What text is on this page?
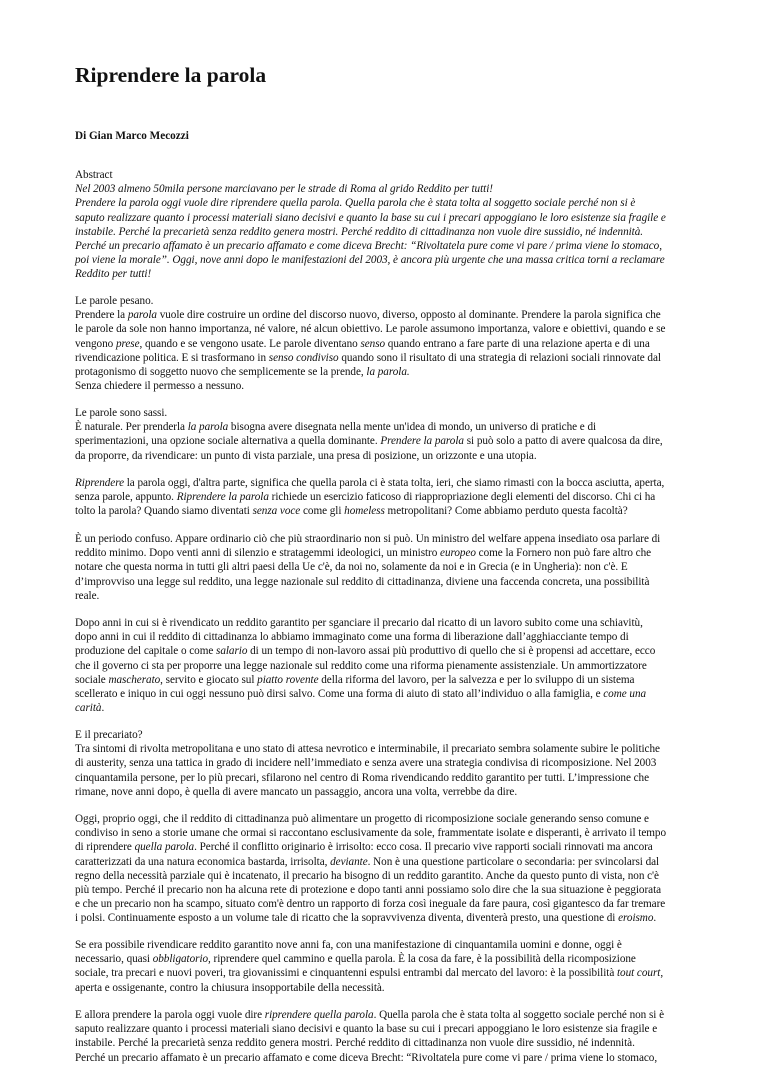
Riprendere la parola
Di Gian Marco Mecozzi
Abstract
Nel 2003 almeno 50mila persone marciavano per le strade di Roma al grido Reddito per tutti!
Prendere la parola oggi vuole dire riprendere quella parola. Quella parola che è stata tolta al soggetto sociale perché non si è
saputo realizzare quanto i processi materiali siano decisivi e quanto la base su cui i precari appoggiano le loro esistenze sia fragile e
instabile. Perché la precarietà senza reddito genera mostri. Perché reddito di cittadinanza non vuole dire sussidio, né indennità.
Perché un precario affamato è un precario affamato e come diceva Brecht: “Rivoltatela pure come vi pare / prima viene lo stomaco,
poi viene la morale”. Oggi, nove anni dopo le manifestazioni del 2003, è ancora più urgente che una massa critica torni a reclamare
Reddito per tutti!
Le parole pesano.
Prendere la parola vuole dire costruire un ordine del discorso nuovo, diverso, opposto al dominante. Prendere la parola significa che
le parole da sole non hanno importanza, né valore, né alcun obiettivo. Le parole assumono importanza, valore e obiettivi, quando e se
vengono prese, quando e se vengono usate. Le parole diventano senso quando entrano a fare parte di una relazione aperta e di una
rivendicazione politica. E si trasformano in senso condiviso quando sono il risultato di una strategia di relazioni sociali rinnovate dal
protagonismo di soggetto nuovo che semplicemente se la prende, la parola.
Senza chiedere il permesso a nessuno.
Le parole sono sassi.
È naturale. Per prenderla la parola bisogna avere disegnata nella mente un'idea di mondo, un universo di pratiche e di
sperimentazioni, una opzione sociale alternativa a quella dominante. Prendere la parola si può solo a patto di avere qualcosa da dire,
da proporre, da rivendicare: un punto di vista parziale, una presa di posizione, un orizzonte e una utopia.
Riprendere la parola oggi, d'altra parte, significa che quella parola ci è stata tolta, ieri, che siamo rimasti con la bocca asciutta, aperta,
senza parole, appunto. Riprendere la parola richiede un esercizio faticoso di riappropriazione degli elementi del discorso. Chi ci ha
tolto la parola? Quando siamo diventati senza voce come gli homeless metropolitani? Come abbiamo perduto questa facoltà?
È un periodo confuso. Appare ordinario ciò che più straordinario non si può. Un ministro del welfare appena insediato osa parlare di
reddito minimo. Dopo venti anni di silenzio e stratagemmi ideologici, un ministro europeo come la Fornero non può fare altro che
notare che questa norma in tutti gli altri paesi della Ue c'è, da noi no, solamente da noi e in Grecia (e in Ungheria): non c'è. E
d’improvviso una legge sul reddito, una legge nazionale sul reddito di cittadinanza, diviene una faccenda concreta, una possibilità
reale.
Dopo anni in cui si è rivendicato un reddito garantito per sganciare il precario dal ricatto di un lavoro subito come una schiavitù,
dopo anni in cui il reddito di cittadinanza lo abbiamo immaginato come una forma di liberazione dall’agghiacciante tempo di
produzione del capitale o come salario di un tempo di non-lavoro assai più produttivo di quello che si è propensi ad accettare, ecco
che il governo ci sta per proporre una legge nazionale sul reddito come una riforma pienamente assistenziale. Un ammortizzatore
sociale mascherato, servito e giocato sul piatto rovente della riforma del lavoro, per la salvezza e per lo sviluppo di un sistema
scellerato e iniquo in cui oggi nessuno può dirsi salvo. Come una forma di aiuto di stato all’individuo o alla famiglia, e come una
carità.
E il precariato?
Tra sintomi di rivolta metropolitana e uno stato di attesa nevrotico e interminabile, il precariato sembra solamente subire le politiche
di austerity, senza una tattica in grado di incidere nell’immediato e senza avere una strategia condivisa di ricomposizione. Nel 2003
cinquantamila persone, per lo più precari, sfilarono nel centro di Roma rivendicando reddito garantito per tutti. L’impressione che
rimane, nove anni dopo, è quella di avere mancato un passaggio, ancora una volta, verrebbe da dire.
Oggi, proprio oggi, che il reddito di cittadinanza può alimentare un progetto di ricomposizione sociale generando senso comune e
condiviso in seno a storie umane che ormai si raccontano esclusivamente da sole, frammentate isolate e disperanti, è arrivato il tempo
di riprendere quella parola. Perché il conflitto originario è irrisolto: ecco cosa. Il precario vive rapporti sociali rinnovati ma ancora
caratterizzati da una natura economica bastarda, irrisolta, deviante. Non è una questione particolare o secondaria: per svincolarsi dal
regno della necessità parziale qui è incatenato, il precario ha bisogno di un reddito garantito. Anche da questo punto di vista, non c'è
più tempo. Perché il precario non ha alcuna rete di protezione e dopo tanti anni possiamo solo dire che la sua situazione è peggiorata
e che un precario non ha scampo, situato com'è dentro un rapporto di forza così ineguale da fare paura, così gigantesco da far tremare
i polsi. Continuamente esposto a un volume tale di ricatto che la sopravvivenza diventa, diventerà presto, una questione di eroismo.
Se era possibile rivendicare reddito garantito nove anni fa, con una manifestazione di cinquantamila uomini e donne, oggi è
necessario, quasi obbligatorio, riprendere quel cammino e quella parola. È la cosa da fare, è la possibilità della ricomposizione
sociale, tra precari e nuovi poveri, tra giovanissimi e cinquantenni espulsi entrambi dal mercato del lavoro: è la possibilità tout court,
aperta e ossigenante, contro la chiusura insopportabile della necessità.
E allora prendere la parola oggi vuole dire riprendere quella parola. Quella parola che è stata tolta al soggetto sociale perché non si è
saputo realizzare quanto i processi materiali siano decisivi e quanto la base su cui i precari appoggiano le loro esistenze sia fragile e
instabile. Perché la precarietà senza reddito genera mostri. Perché reddito di cittadinanza non vuole dire sussidio, né indennità.
Perché un precario affamato è un precario affamato e come diceva Brecht: “Rivoltatela pure come vi pare / prima viene lo stomaco,
